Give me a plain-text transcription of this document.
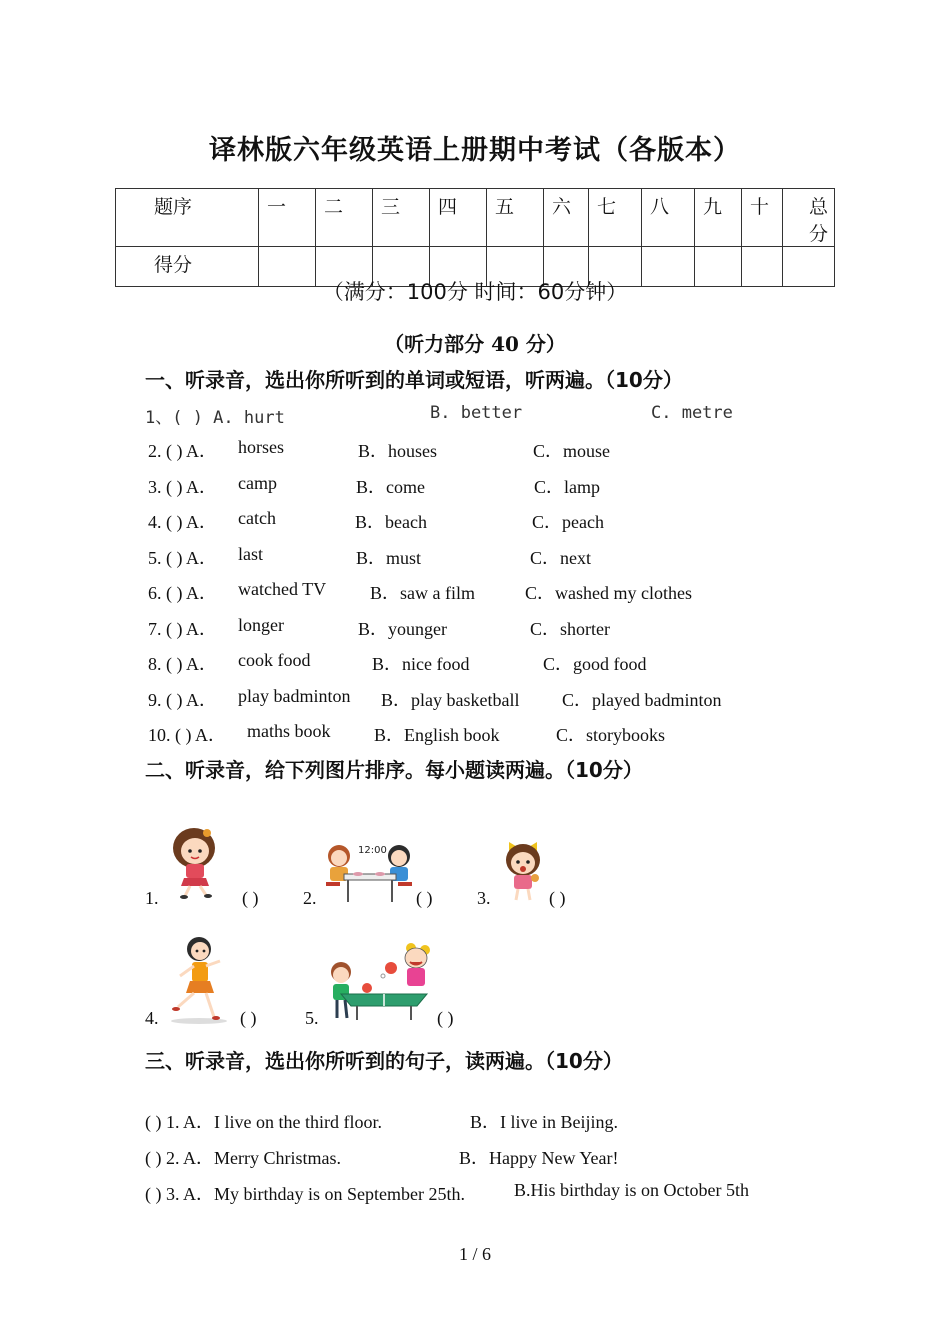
译林版六年级英语上册期中考试（各版本）
题序	一	二	三	四	五	六	七	八	九	十	总分
得分											
（满分：100分 时间：60分钟）
（听力部分 40 分）
一、听录音，选出你所听到的单词或短语，听两遍。（10分）
1、( ) A. hurt	B. better	C. metre
2. ( ) A． horses	B．houses	C．mouse
3. ( ) A． camp	B．come	C．lamp
4. ( ) A． catch	B．beach	C．peach
5. ( ) A． last	B．must	C．next
6. ( ) A． watched TV B．saw a film	C．washed my clothes
7. ( ) A． longer	B．younger	C．shorter
8. ( ) A． cook food	B．nice food	C．good food
9. ( ) A． play badminton B．play basketball C．played badminton
10. ( ) A． maths book B．English book	C．storybooks
二、听录音，给下列图片排序。每小题读两遍。（10分）
1.	( )
12:00
2.	( ) 3.	( )
4.	( )	5.	( )
三、听录音，选出你所听到的句子，读两遍。（10分）
( ) 1. A．I live on the third floor.	B．I live in Beijing.
( ) 2. A．Merry Christmas.	B．Happy New Year!
( ) 3. A．My birthday is on September 25th.	B.His birthday is on October 5th
1 / 6
